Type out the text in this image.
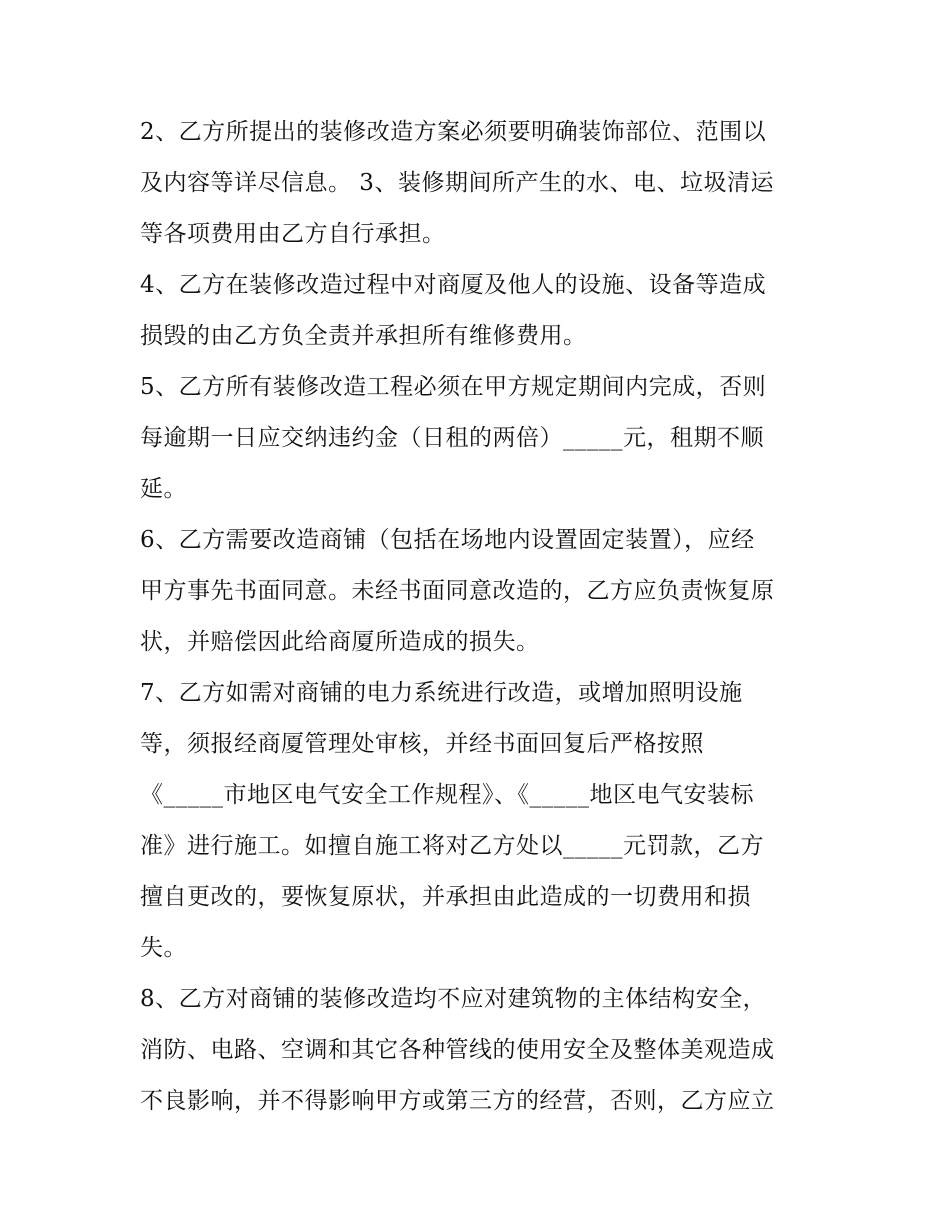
2、乙方所提出的装修改造方案必须要明确装饰部位、范围以
及内容等详尽信息。 3、装修期间所产生的水、电、垃圾清运
等各项费用由乙方自行承担。
4、乙方在装修改造过程中对商厦及他人的设施、设备等造成
损毁的由乙方负全责并承担所有维修费用。
5、乙方所有装修改造工程必须在甲方规定期间内完成，否则
每逾期一日应交纳违约金（日租的两倍）_____元，租期不顺
延。
6、乙方需要改造商铺（包括在场地内设置固定装置），应经
甲方事先书面同意。未经书面同意改造的，乙方应负责恢复原
状，并赔偿因此给商厦所造成的损失。
7、乙方如需对商铺的电力系统进行改造，或增加照明设施
等，须报经商厦管理处审核，并经书面回复后严格按照
《_____市地区电气安全工作规程》、《_____地区电气安装标
准》进行施工。如擅自施工将对乙方处以_____元罚款，乙方
擅自更改的，要恢复原状，并承担由此造成的一切费用和损
失。
8、乙方对商铺的装修改造均不应对建筑物的主体结构安全，
消防、电路、空调和其它各种管线的使用安全及整体美观造成
不良影响，并不得影响甲方或第三方的经营，否则，乙方应立
